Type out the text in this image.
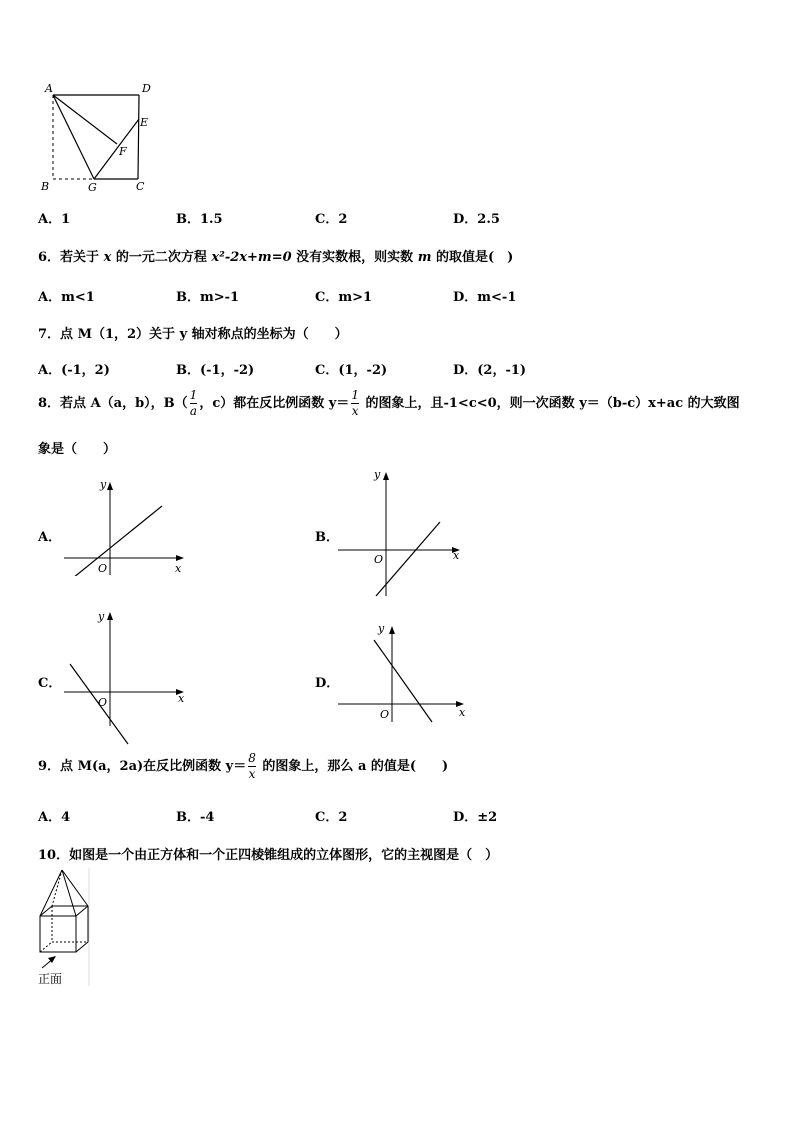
A	D
E
F
B	G	C
A．1	B．1.5	C．2	D．2.5
6．若关于 x 的一元二次方程 x²-2x+m=0 没有实数根，则实数 m 的取值是(　)
A．m<1	B．m>-1	C．m>1	D．m<-1
7．点 M（1，2）关于 y 轴对称点的坐标为（　　）
A．(-1，2)	B．(-1，-2)	C．(1，-2)	D．(2，-1)
8．若点 A（a，b），$B( \frac{1}{a}$ ，c）都在反比例函数 $y= \frac{1}{x}$ 的图象上，且-1<c<0，则一次函数 y＝（b-c）x+ac 的大致图
象是（　　）
A．
x
y
O
B．
x
y
O
C．
x
y
O
D．
x
y
O
9．点 M(a，2a)在反比例函数 $y= \frac{8}{x}$ 的图象上，那么 a 的值是(　　)
A．4	B．-4	C．2	D．±2
10．如图是一个由正方体和一个正四棱锥组成的立体图形，它的主视图是（　）
正面
